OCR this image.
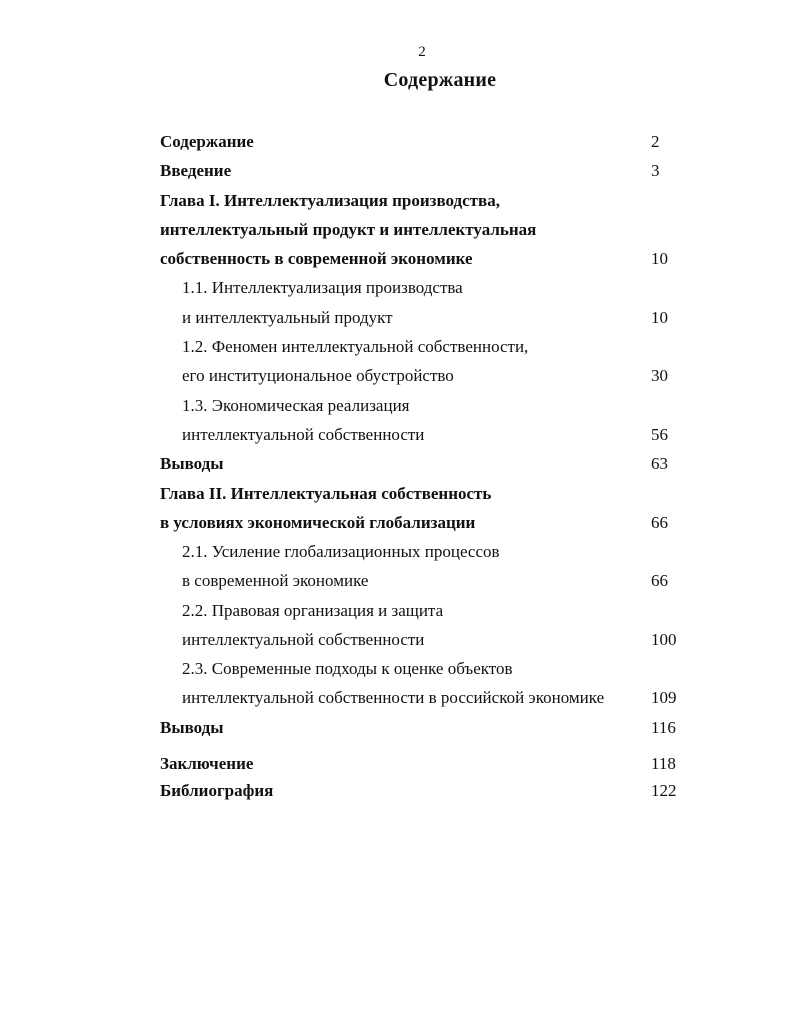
2
Содержание
Содержание	2
Введение	3
Глава I. Интеллектуализация производства,
интеллектуальный продукт и интеллектуальная
собственность в современной экономике	10
1.1. Интеллектуализация производства
и интеллектуальный продукт	10
1.2. Феномен интеллектуальной собственности,
его институциональное обустройство	30
1.3. Экономическая реализация
интеллектуальной собственности	56
Выводы	63
Глава II. Интеллектуальная собственность
в условиях экономической глобализации	66
2.1. Усиление глобализационных процессов
в современной экономике	66
2.2. Правовая организация и защита
интеллектуальной собственности	100
2.3. Современные подходы к оценке объектов
интеллектуальной собственности в российской экономике	109
Выводы	116
Заключение	118
Библиография	122
